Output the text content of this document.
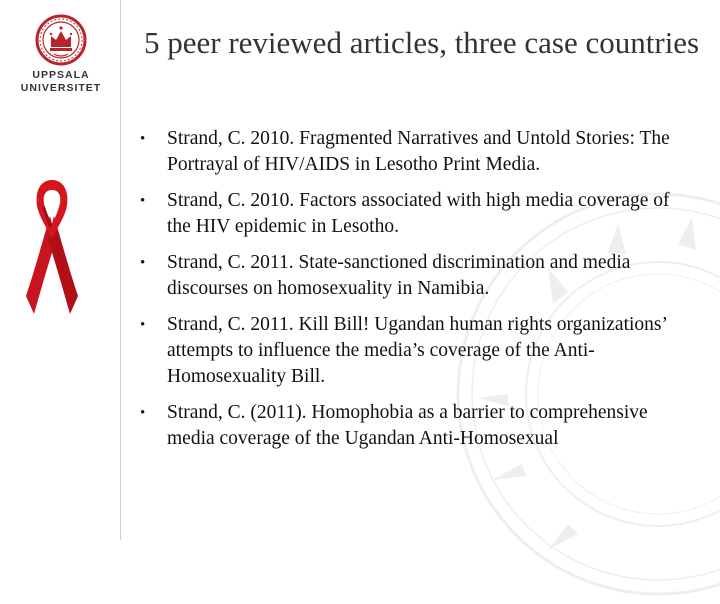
UPPSALA
UNIVERSITET
5 peer reviewed articles, three case countries
• Strand, C. 2010. Fragmented Narratives and Untold Stories: The Portrayal of HIV/AIDS in Lesotho Print Media.
• Strand, C. 2010. Factors associated with high media coverage of the HIV epidemic in Lesotho.
• Strand, C. 2011. State-sanctioned discrimination and media discourses on homosexuality in Namibia.
• Strand, C. 2011. Kill Bill! Ugandan human rights organizations’ attempts to influence the media’s coverage of the Anti-Homosexuality Bill.
• Strand, C. (2011). Homophobia as a barrier to comprehensive media coverage of the Ugandan Anti-Homosexual
